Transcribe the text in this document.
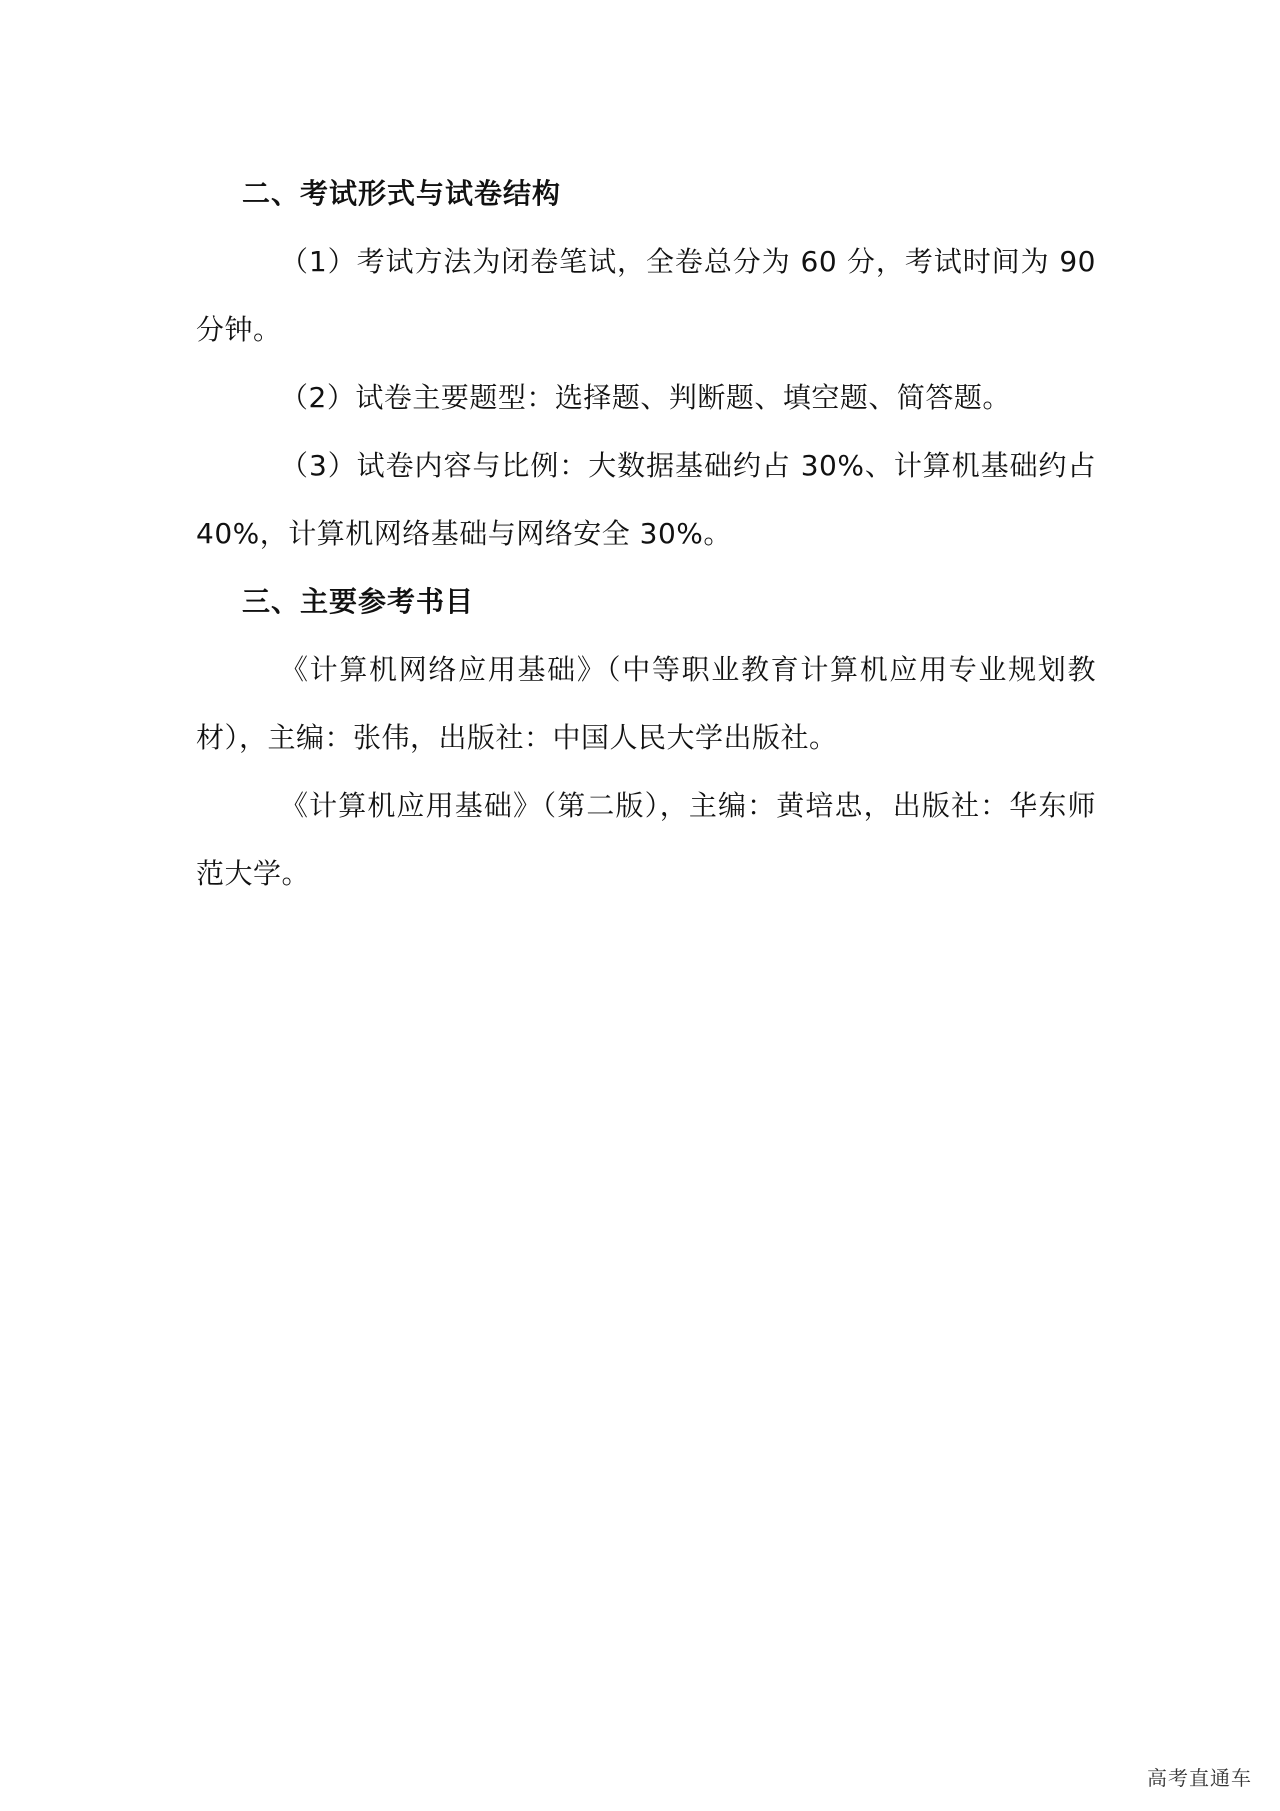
二、考试形式与试卷结构

（1）考试方法为闭卷笔试，全卷总分为 60 分，考试时间为 90 分钟。

（2）试卷主要题型：选择题、判断题、填空题、简答题。

（3）试卷内容与比例：大数据基础约占 30%、计算机基础约占 40%，计算机网络基础与网络安全 30%。

三、主要参考书目

《计算机网络应用基础》（中等职业教育计算机应用专业规划教材），主编：张伟，出版社：中国人民大学出版社。

《计算机应用基础》（第二版），主编：黄培忠，出版社：华东师范大学。

高考直通车
